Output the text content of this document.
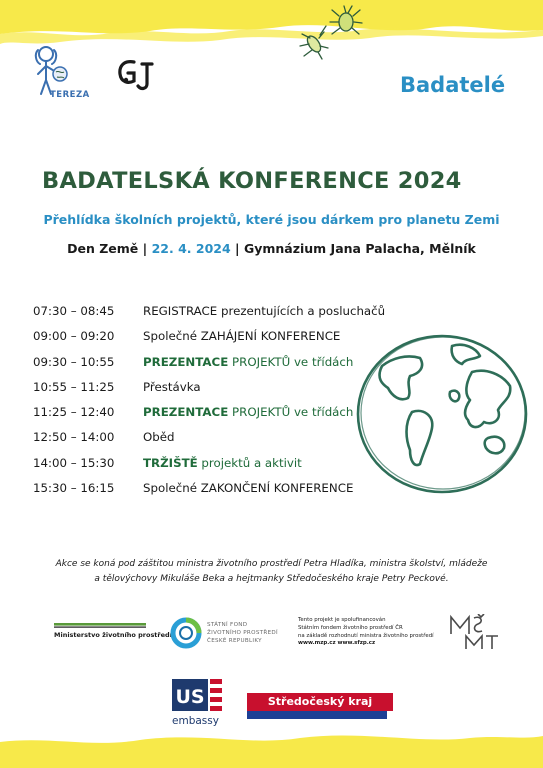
TEREZA	Badatelé
BADATELSKÁ KONFERENCE 2024
Přehlídka školních projektů, které jsou dárkem pro planetu Zemi
Den Země | 22. 4. 2024 | Gymnázium Jana Palacha, Mělník
07:30 – 08:45 REGISTRACE prezentujících a posluchačů
09:00 – 09:20 Společné ZAHÁJENÍ KONFERENCE
09:30 – 10:55 PREZENTACE PROJEKTŮ ve třídách
10:55 – 11:25 Přestávka
11:25 – 12:40 PREZENTACE PROJEKTŮ ve třídách
12:50 – 14:00 Oběd
14:00 – 15:30 TRŽIŠTĚ projektů a aktivit
15:30 – 16:15 Společné ZAKONČENÍ KONFERENCE
Akce se koná pod záštitou ministra životního prostředí Petra Hladíka, ministra školství, mládeže
a tělovýchovy Mikuláše Beka a hejtmanky Středočeského kraje Petry Peckové.
Ministerstvo životního prostředí
STÁTNÍ FOND
ŽIVOTNÍHO PROSTŘEDÍ
ČESKÉ REPUBLIKY
Tento projekt je spolufinancován
Státním fondem životního prostředí ČR
na základě rozhodnutí ministra životního prostředí
www.mzp.cz www.sfzp.cz
US
embassy
Středočeský kraj
